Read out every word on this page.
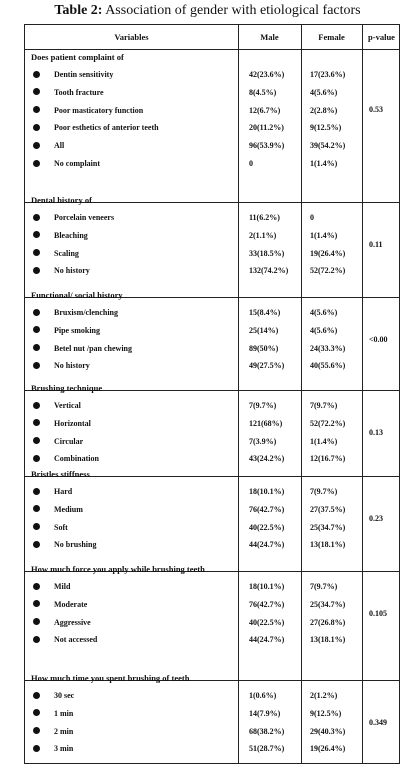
Table 2: Association of gender with etiological factors
Variables	Male	Female	p-value
Does patient complaint of
Dentin sensitivity	42(23.6%)	17(23.6%)
Tooth fracture	8(4.5%)	4(5.6%)
Poor masticatory function	12(6.7%)	2(2.8%)
Poor esthetics of anterior teeth	20(11.2%)	9(12.5%)
All	96(53.9%)	39(54.2%)
No complaint	0	1(1.4%)
0.53
Dental history of
Porcelain veneers	11(6.2%)	0
Bleaching	2(1.1%)	1(1.4%)
Scaling	33(18.5%)	19(26.4%)
No history	132(74.2%)	52(72.2%)
0.11
Functional/ social history
Bruxism/clenching	15(8.4%)	4(5.6%)
Pipe smoking	25(14%)	4(5.6%)
Betel nut /pan chewing	89(50%)	24(33.3%)
No history	49(27.5%)	40(55.6%)
<0.00
Brushing technique
Vertical	7(9.7%)	7(9.7%)
Horizontal	121(68%)	52(72.2%)
Circular	7(3.9%)	1(1.4%)
Combination	43(24.2%)	12(16.7%)
0.13
Bristles stiffness
Hard	18(10.1%)	7(9.7%)
Medium	76(42.7%)	27(37.5%)
Soft	40(22.5%)	25(34.7%)
No brushing	44(24.7%)	13(18.1%)
0.23
How much force you apply while brushing teeth
Mild	18(10.1%)	7(9.7%)
Moderate	76(42.7%)	25(34.7%)
Aggressive	40(22.5%)	27(26.8%)
Not accessed	44(24.7%)	13(18.1%)
0.105
How much time you spent brushing of teeth
30 sec	1(0.6%)	2(1.2%)
1 min	14(7.9%)	9(12.5%)
2 min	68(38.2%)	29(40.3%)
3 min	51(28.7%)	19(26.4%)
0.349
